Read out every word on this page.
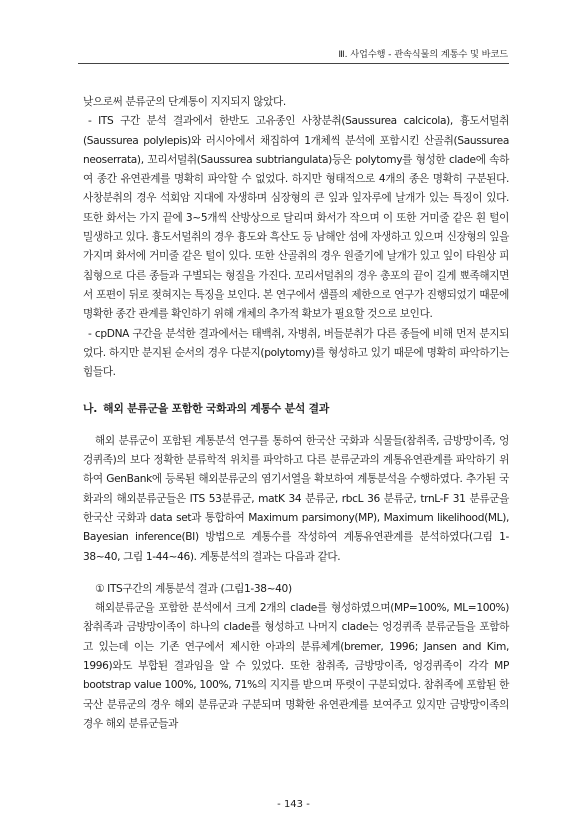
Ⅲ. 사업수행 - 관속식물의 계통수 및 바코드

낮으로써 분류군의 단계통이 지지되지 않았다.

- ITS 구간 분석 결과에서 한반도 고유종인 사창분취(Saussurea calcicola), 흉도서덜취(Saussurea polylepis)와 러시아에서 채집하여 1개체씩 분석에 포함시킨 산골취(Saussurea neoserrata), 꼬리서덜취(Saussurea subtriangulata)등은 polytomy를 형성한 clade에 속하여 종간 유연관계를 명확히 파악할 수 없었다. 하지만 형태적으로 4개의 종은 명확히 구분된다. 사창분취의 경우 석회암 지대에 자생하며 심장형의 큰 잎과 잎자루에 날개가 있는 특징이 있다. 또한 화서는 가지 끝에 3~5개씩 산방상으로 달리며 화서가 작으며 이 또한 거미줄 같은 흰 털이 밀생하고 있다. 흉도서덜취의 경우 흉도와 흑산도 등 남해안 섬에 자생하고 있으며 신장형의 잎을 가지며 화서에 거미줄 같은 털이 있다. 또한 산골취의 경우 원줄기에 날개가 있고 잎이 타원상 피침형으로 다른 종들과 구별되는 형질을 가진다. 꼬리서덜취의 경우 총포의 끝이 길게 뾰족해지면서 포편이 뒤로 젖혀지는 특징을 보인다. 본 연구에서 샘플의 제한으로 연구가 진행되었기 때문에 명확한 종간 관계를 확인하기 위해 개체의 추가적 확보가 필요할 것으로 보인다.

- cpDNA 구간을 분석한 결과에서는 태백취, 자병취, 버들분취가 다른 종들에 비해 먼저 분지되었다. 하지만 분지된 순서의 경우 다분지(polytomy)를 형성하고 있기 때문에 명확히 파악하기는 힘들다.

나. 해외 분류군을 포함한 국화과의 계통수 분석 결과

해외 분류군이 포함된 계통분석 연구를 통하여 한국산 국화과 식물들(참취족, 금방망이족, 엉겅퀴족)의 보다 정확한 분류학적 위치를 파악하고 다른 분류군과의 계통유연관계를 파악하기 위하여 GenBank에 등록된 해외분류군의 염기서열을 확보하여 계통분석을 수행하였다. 추가된 국화과의 해외분류군들은 ITS 53분류군, matK 34 분류군, rbcL 36 분류군, trnL-F 31 분류군을 한국산 국화과 data set과 통합하여 Maximum parsimony(MP), Maximum likelihood(ML), Bayesian inference(BI) 방법으로 계통수를 작성하여 계통유연관계를 분석하였다(그림 1-38~40, 그림 1-44~46). 계통분석의 결과는 다음과 같다.

① ITS구간의 계통분석 결과 (그림1-38~40)

해외분류군을 포함한 분석에서 크게 2개의 clade를 형성하였으며(MP=100%, ML=100%) 참취족과 금방망이족이 하나의 clade를 형성하고 나머지 clade는 엉겅퀴족 분류군들을 포함하고 있는데 이는 기존 연구에서 제시한 아과의 분류체계(bremer, 1996; Jansen and Kim, 1996)와도 부합된 결과임을 알 수 있었다. 또한 참취족, 금방망이족, 엉겅퀴족이 각각 MP bootstrap value 100%, 100%, 71%의 지지를 받으며 뚜렷이 구분되었다. 참취족에 포함된 한국산 분류군의 경우 해외 분류군과 구분되며 명확한 유연관계를 보여주고 있지만 금방망이족의 경우 해외 분류군들과

- 143 -
